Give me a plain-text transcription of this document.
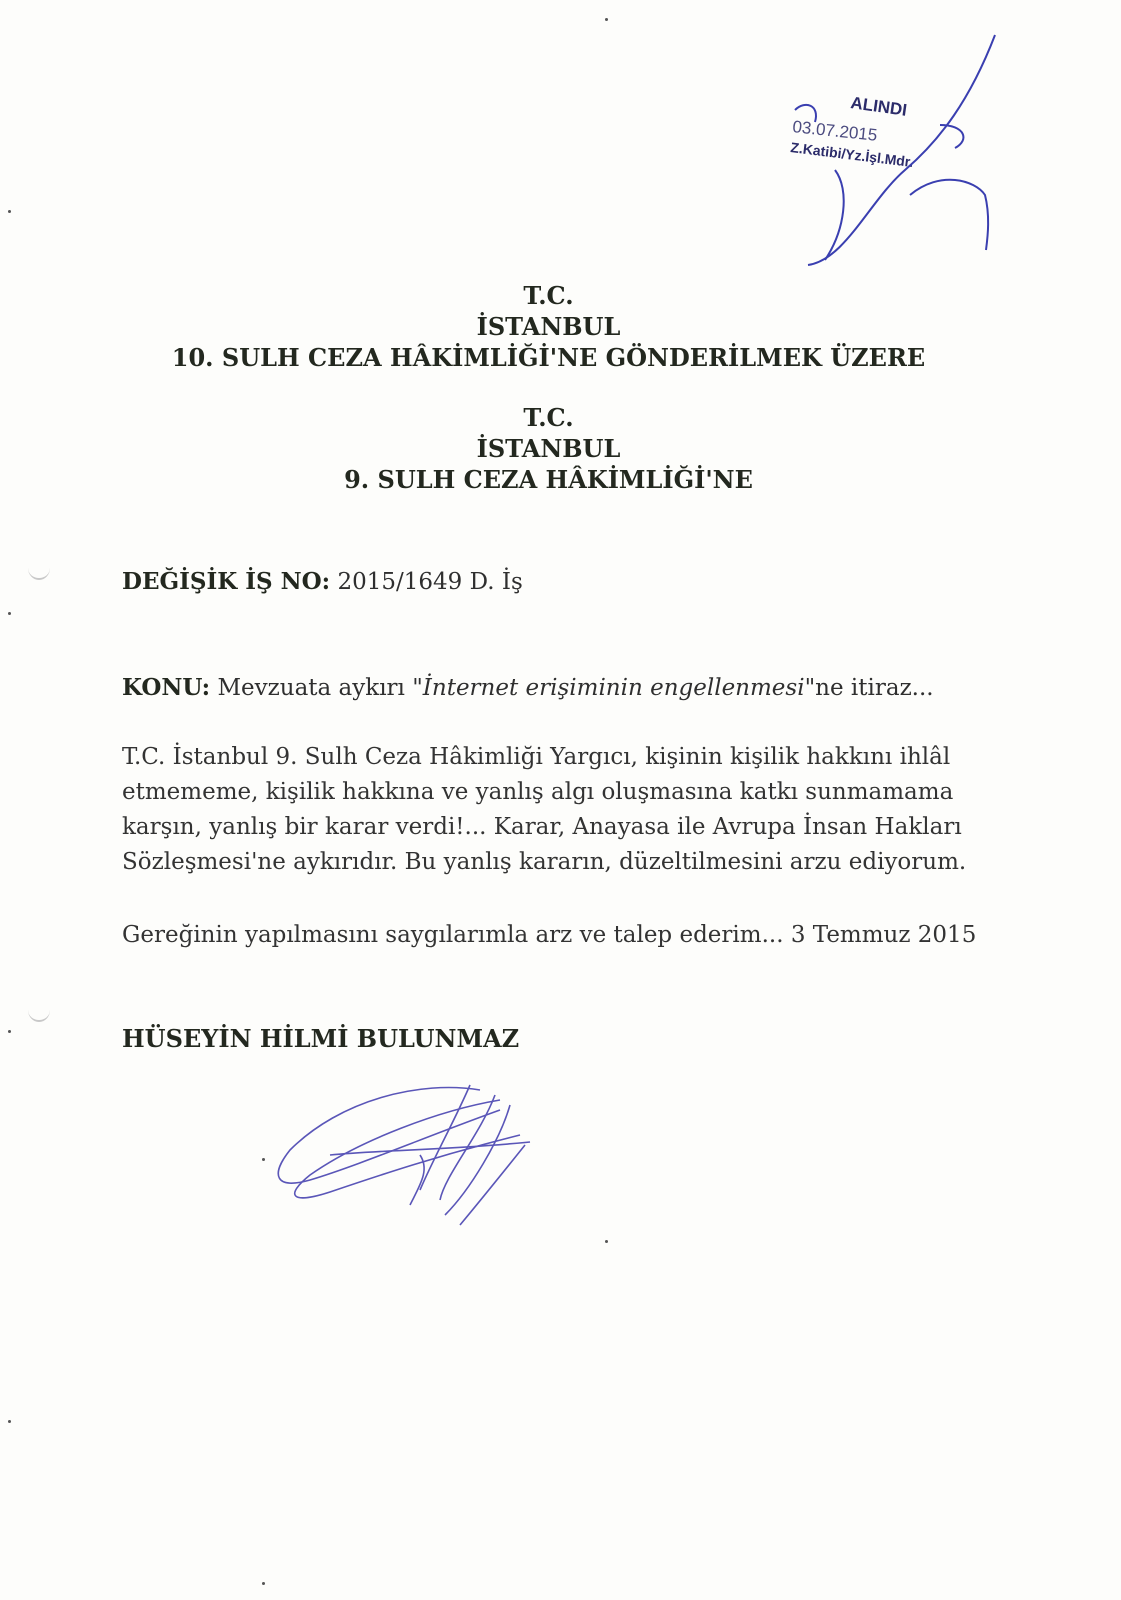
ALINDI
03.07.2015
Z.Katibi/Yz.İşl.Mdr.
T.C.
İSTANBUL
10. SULH CEZA HÂKİMLİĞİ'NE GÖNDERİLMEK ÜZERE
T.C.
İSTANBUL
9. SULH CEZA HÂKİMLİĞİ'NE
DEĞİŞİK İŞ NO: 2015/1649 D. İş
KONU: Mevzuata aykırı "İnternet erişiminin engellenmesi"ne itiraz...
T.C. İstanbul 9. Sulh Ceza Hâkimliği Yargıcı, kişinin kişilik hakkını ihlâl
etmememe, kişilik hakkına ve yanlış algı oluşmasına katkı sunmamama
karşın, yanlış bir karar verdi!... Karar, Anayasa ile Avrupa İnsan Hakları
Sözleşmesi'ne aykırıdır. Bu yanlış kararın, düzeltilmesini arzu ediyorum.
Gereğinin yapılmasını saygılarımla arz ve talep ederim... 3 Temmuz 2015
HÜSEYİN HİLMİ BULUNMAZ
